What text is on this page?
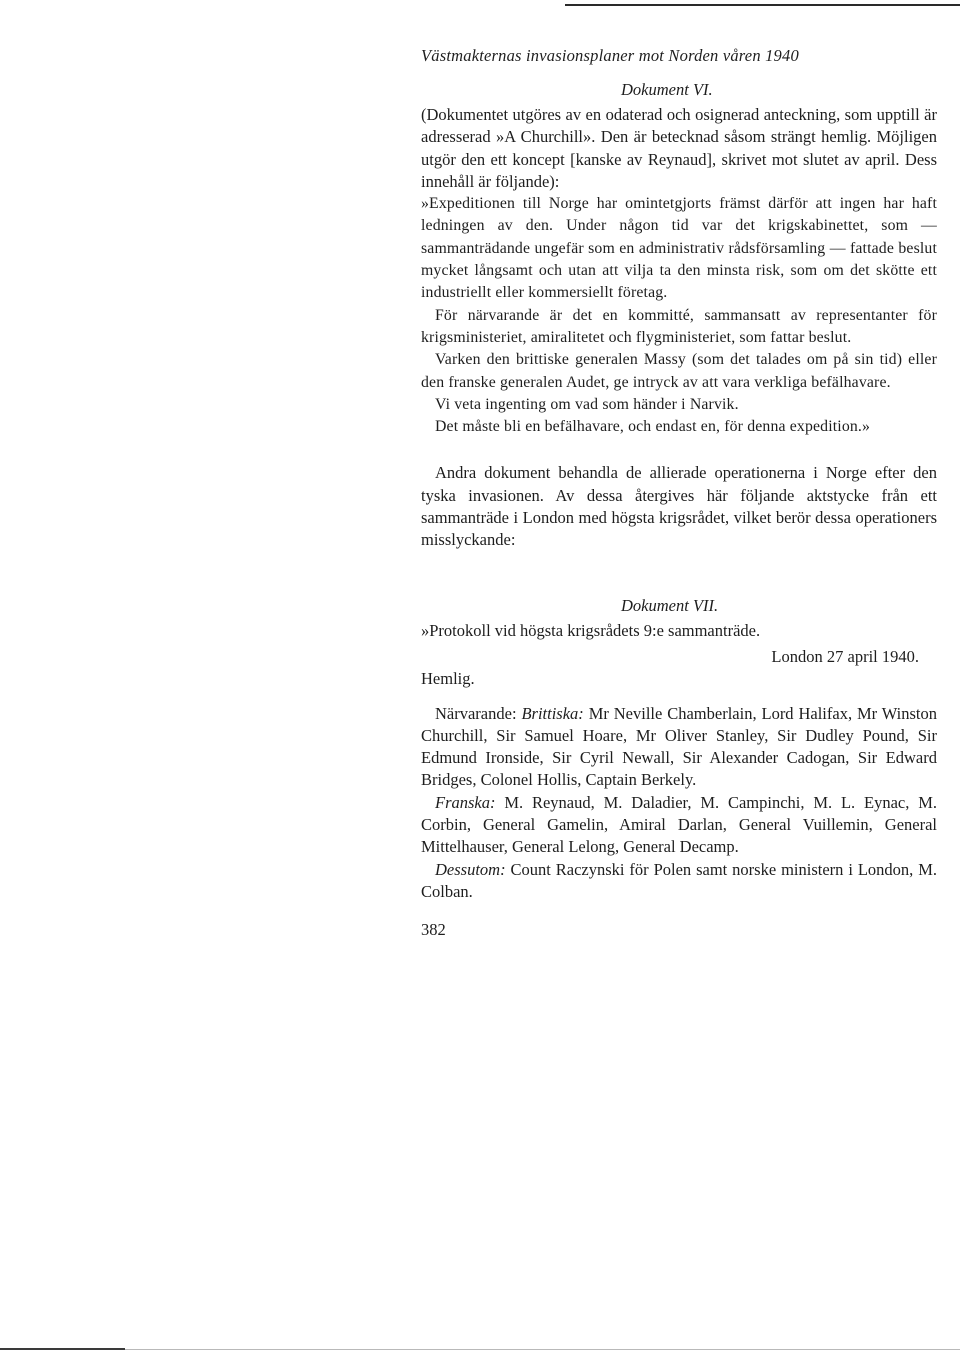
Västmakternas invasionsplaner mot Norden våren 1940
Dokument VI.

(Dokumentet utgöres av en odaterad och osignerad anteckning, som upptill är adresserad »A Churchill». Den är betecknad såsom strängt hemlig. Möjligen utgör den ett koncept [kanske av Reynaud], skrivet mot slutet av april. Dess innehåll är följande):

»Expeditionen till Norge har omintetgjorts främst därför att ingen har haft ledningen av den. Under någon tid var det krigskabinettet, som — sammanträdande ungefär som en administrativ rådsförsamling — fattade beslut mycket långsamt och utan att vilja ta den minsta risk, som om det skötte ett industriellt eller kommersiellt företag.

För närvarande är det en kommitté, sammansatt av representanter för krigsministeriet, amiralitetet och flygministeriet, som fattar beslut.

Varken den brittiske generalen Massy (som det talades om på sin tid) eller den franske generalen Audet, ge intryck av att vara verkliga befälhavare.

Vi veta ingenting om vad som händer i Narvik.

Det måste bli en befälhavare, och endast en, för denna expedition.»

Andra dokument behandla de allierade operationerna i Norge efter den tyska invasionen. Av dessa återgives här följande aktstycke från ett sammanträde i London med högsta krigsrådet, vilket berör dessa operationers misslyckande:

Dokument VII.

»Protokoll vid högsta krigsrådets 9:e sammanträde.

London 27 april 1940.

Hemlig.

Närvarande: Brittiska: Mr Neville Chamberlain, Lord Halifax, Mr Winston Churchill, Sir Samuel Hoare, Mr Oliver Stanley, Sir Dudley Pound, Sir Edmund Ironside, Sir Cyril Newall, Sir Alexander Cadogan, Sir Edward Bridges, Colonel Hollis, Captain Berkely.

Franska: M. Reynaud, M. Daladier, M. Campinchi, M. L. Eynac, M. Corbin, General Gamelin, Amiral Darlan, General Vuillemin, General Mittelhauser, General Lelong, General Decamp.

Dessutom: Count Raczynski för Polen samt norske ministern i London, M. Colban.

382
